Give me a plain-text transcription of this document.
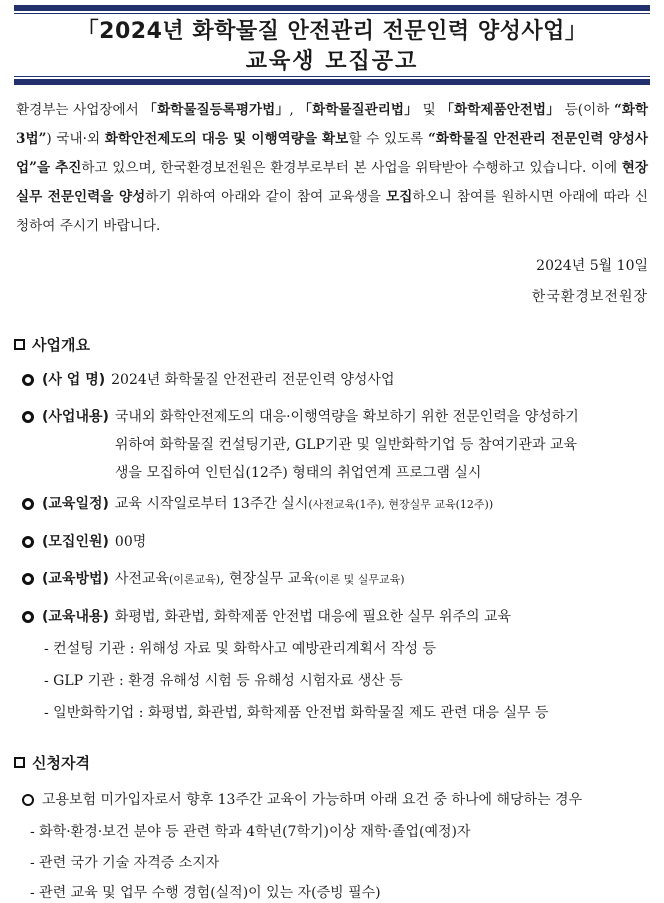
「2024년 화학물질 안전관리 전문인력 양성사업」
교육생 모집공고
환경부는 사업장에서 「화학물질등록평가법」, 「화학물질관리법」 및 「화학제품안전법」 등(이하 “화학 3법”) 국내·외 화학안전제도의 대응 및 이행역량을 확보할 수 있도록 “화학물질 안전관리 전문인력 양성사업”을 추진하고 있으며, 한국환경보전원은 환경부로부터 본 사업을 위탁받아 수행하고 있습니다. 이에 현장실무 전문인력을 양성하기 위하여 아래와 같이 참여 교육생을 모집하오니 참여를 원하시면 아래에 따라 신청하여 주시기 바랍니다.
2024년 5월 10일
한국환경보전원장
사업개요
(사 업 명) 2024년 화학물질 안전관리 전문인력 양성사업
(사업내용) 국내외 화학안전제도의 대응·이행역량을 확보하기 위한 전문인력을 양성하기
위하여 화학물질 컨설팅기관, GLP기관 및 일반화학기업 등 참여기관과 교육
생을 모집하여 인턴십(12주) 형태의 취업연계 프로그램 실시
(교육일정) 교육 시작일로부터 13주간 실시(사전교육(1주), 현장실무 교육(12주))
(모집인원) 00명
(교육방법) 사전교육(이론교육), 현장실무 교육(이론 및 실무교육)
(교육내용) 화평법, 화관법, 화학제품 안전법 대응에 필요한 실무 위주의 교육
- 컨설팅 기관 : 위해성 자료 및 화학사고 예방관리계획서 작성 등
- GLP 기관 : 환경 유해성 시험 등 유해성 시험자료 생산 등
- 일반화학기업 : 화평법, 화관법, 화학제품 안전법 화학물질 제도 관련 대응 실무 등
신청자격
고용보험 미가입자로서 향후 13주간 교육이 가능하며 아래 요건 중 하나에 해당하는 경우
- 화학·환경·보건 분야 등 관련 학과 4학년(7학기)이상 재학·졸업(예정)자
- 관련 국가 기술 자격증 소지자
- 관련 교육 및 업무 수행 경험(실적)이 있는 자(증빙 필수)
